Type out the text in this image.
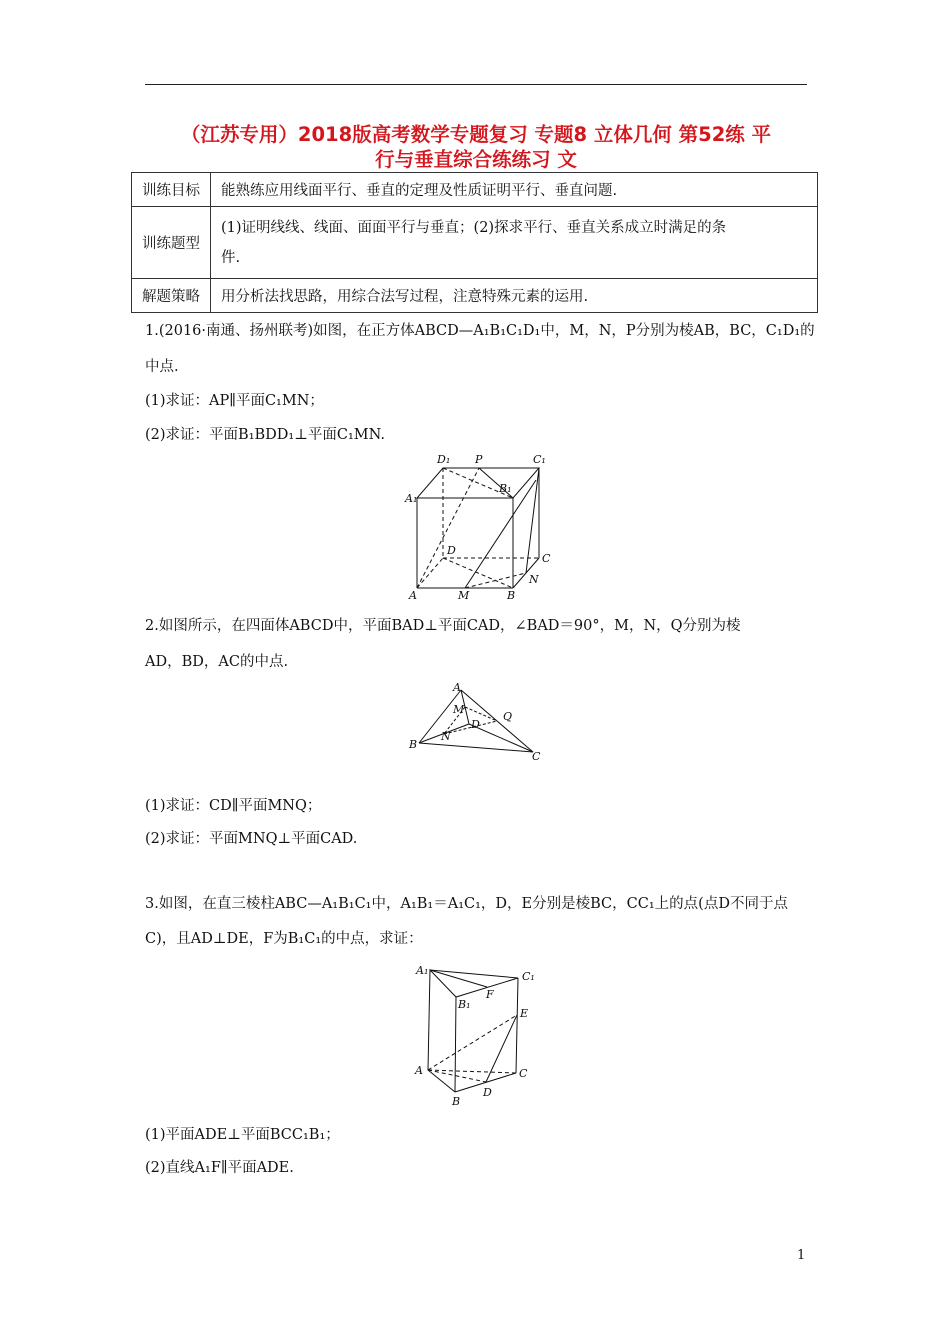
（江苏专用）2018版高考数学专题复习 专题8 立体几何 第52练 平
行与垂直综合练练习 文
训练目标	能熟练应用线面平行、垂直的定理及性质证明平行、垂直问题.
训练题型	(1)证明线线、线面、面面平行与垂直；(2)探求平行、垂直关系成立时满足的条
件.

解题策略	用分析法找思路，用综合法写过程，注意特殊元素的运用.
1.(2016·南通、扬州联考)如图，在正方体ABCD—A₁B₁C₁D₁中，M，N，P分别为棱AB，BC，C₁D₁的
中点.
(1)求证：AP∥平面C₁MN；
(2)求证：平面B₁BDD₁⊥平面C₁MN.
D₁ P	C₁
A₁
B₁
D
C
N
A	M	B
2.如图所示，在四面体ABCD中，平面BAD⊥平面CAD，∠BAD＝90°，M，N，Q分别为棱
AD，BD，AC的中点.
A
M
D
Q
N
B
C
(1)求证：CD∥平面MNQ；
(2)求证：平面MNQ⊥平面CAD.
3.如图，在直三棱柱ABC—A₁B₁C₁中，A₁B₁＝A₁C₁，D，E分别是棱BC，CC₁上的点(点D不同于点
C)，且AD⊥DE，F为B₁C₁的中点，求证：
A₁	C₁
F
B₁
E
A	C
D
B
(1)平面ADE⊥平面BCC₁B₁；
(2)直线A₁F∥平面ADE.
1
